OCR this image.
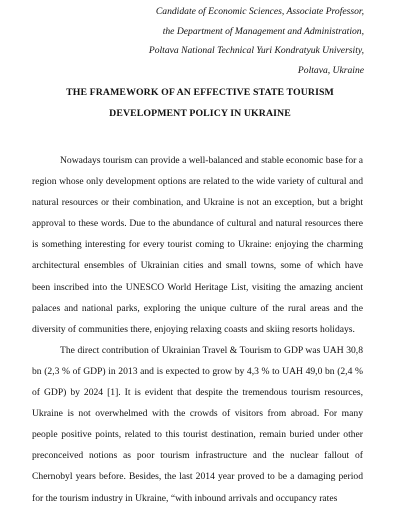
Candidate of Economic Sciences, Associate Professor,
the Department of Management and Administration,
Poltava National Technical Yuri Kondratyuk University,
Poltava, Ukraine
THE FRAMEWORK OF AN EFFECTIVE STATE TOURISM
DEVELOPMENT POLICY IN UKRAINE

Nowadays tourism can provide a well-balanced and stable economic base for a region whose only development options are related to the wide variety of cultural and natural resources or their combination, and Ukraine is not an exception, but a bright approval to these words. Due to the abundance of cultural and natural resources there is something interesting for every tourist coming to Ukraine: enjoying the charming architectural ensembles of Ukrainian cities and small towns, some of which have been inscribed into the UNESCO World Heritage List, visiting the amazing ancient palaces and national parks, exploring the unique culture of the rural areas and the diversity of communities there, enjoying relaxing coasts and skiing resorts holidays.

The direct contribution of Ukrainian Travel & Tourism to GDP was UAH 30,8 bn (2,3 % of GDP) in 2013 and is expected to grow by 4,3 % to UAH 49,0 bn (2,4 % of GDP) by 2024 [1]. It is evident that despite the tremendous tourism resources, Ukraine is not overwhelmed with the crowds of visitors from abroad. For many people positive points, related to this tourist destination, remain buried under other preconceived notions as poor tourism infrastructure and the nuclear fallout of Chernobyl years before. Besides, the last 2014 year proved to be a damaging period for the tourism industry in Ukraine, “with inbound arrivals and occupancy rates
